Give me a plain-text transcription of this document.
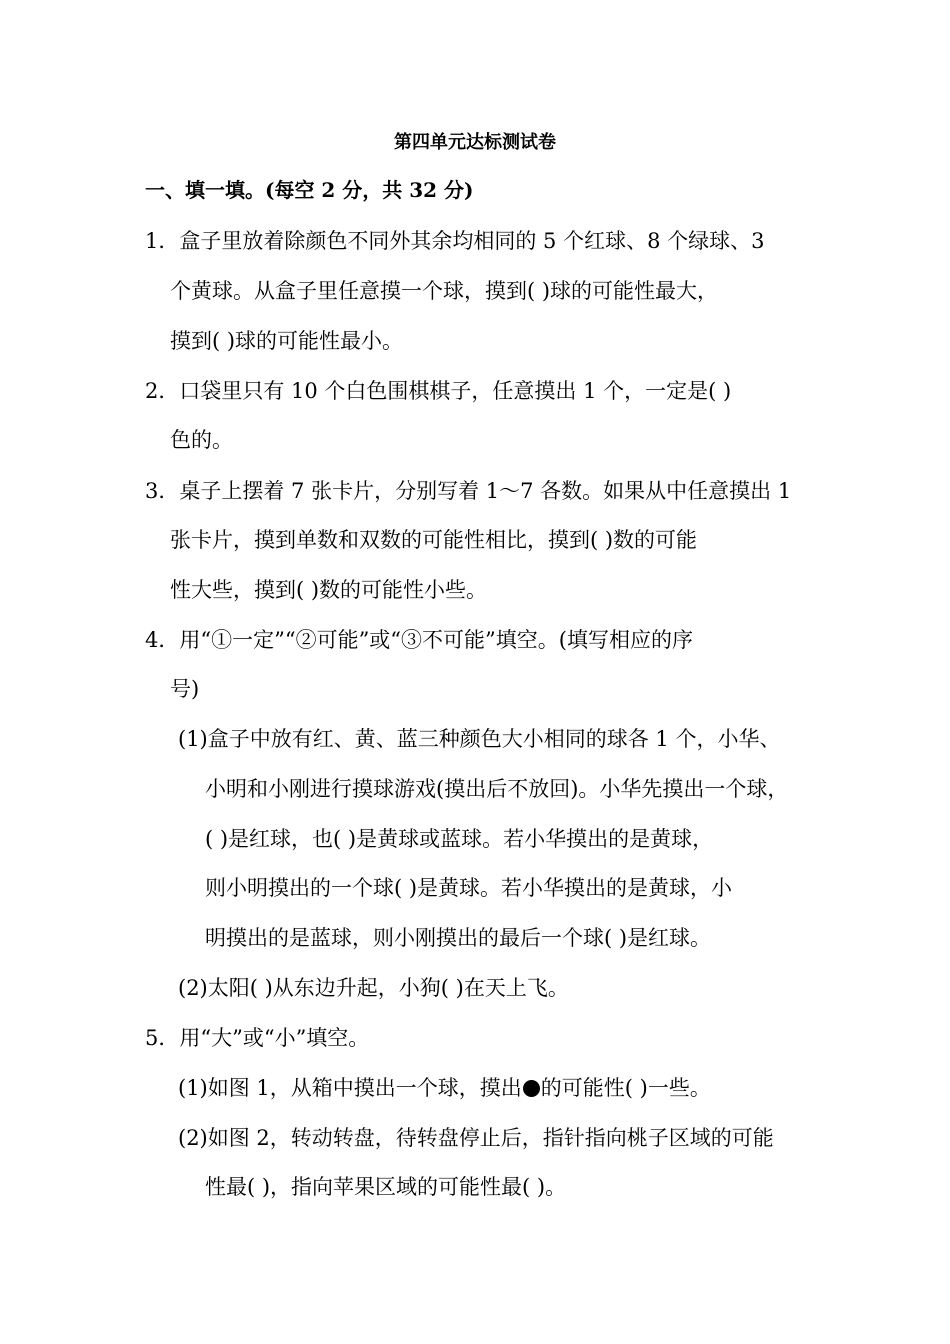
第四单元达标测试卷
一、填一填。(每空 2 分，共 32 分)
1．盒子里放着除颜色不同外其余均相同的 5 个红球、8 个绿球、3
个黄球。从盒子里任意摸一个球，摸到( )球的可能性最大，
摸到( )球的可能性最小。
2．口袋里只有 10 个白色围棋棋子，任意摸出 1 个，一定是( )
色的。
3．桌子上摆着 7 张卡片，分别写着 1～7 各数。如果从中任意摸出 1
张卡片，摸到单数和双数的可能性相比，摸到( )数的可能
性大些，摸到( )数的可能性小些。
4．用“①一定”“②可能”或“③不可能”填空。(填写相应的序
号)
(1)盒子中放有红、黄、蓝三种颜色大小相同的球各 1 个，小华、
小明和小刚进行摸球游戏(摸出后不放回)。小华先摸出一个球，
( )是红球，也( )是黄球或蓝球。若小华摸出的是黄球，
则小明摸出的一个球( )是黄球。若小华摸出的是黄球，小
明摸出的是蓝球，则小刚摸出的最后一个球( )是红球。
(2)太阳( )从东边升起，小狗( )在天上飞。
5．用“大”或“小”填空。
(1)如图 1，从箱中摸出一个球，摸出 的可能性( )一些。
(2)如图 2，转动转盘，待转盘停止后，指针指向桃子区域的可能
性最( )，指向苹果区域的可能性最( )。
